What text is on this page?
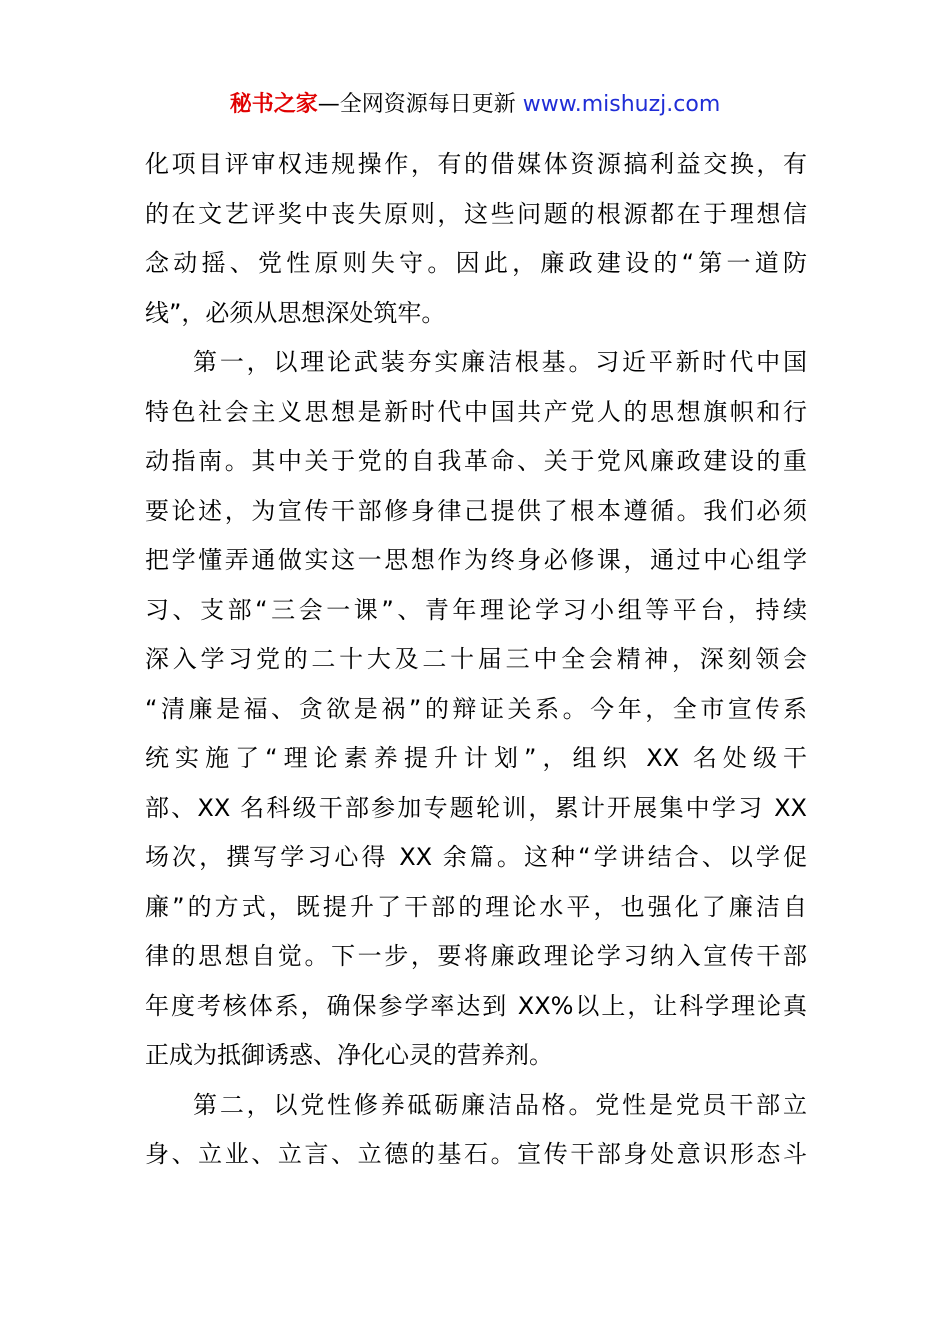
秘书之家—全网资源每日更新 www.mishuzj.com
化项目评审权违规操作，有的借媒体资源搞利益交换，有
的在文艺评奖中丧失原则，这些问题的根源都在于理想信
念动摇、党性原则失守。因此，廉政建设的“第一道防
线”，必须从思想深处筑牢。
第一，以理论武装夯实廉洁根基。习近平新时代中国
特色社会主义思想是新时代中国共产党人的思想旗帜和行
动指南。其中关于党的自我革命、关于党风廉政建设的重
要论述，为宣传干部修身律己提供了根本遵循。我们必须
把学懂弄通做实这一思想作为终身必修课，通过中心组学
习、支部“三会一课”、青年理论学习小组等平台，持续
深入学习党的二十大及二十届三中全会精神，深刻领会
“清廉是福、贪欲是祸”的辩证关系。今年，全市宣传系
统实施了“理论素养提升计划”，组织 XX 名处级干
部、XX 名科级干部参加专题轮训，累计开展集中学习 XX
场次，撰写学习心得 XX 余篇。这种“学讲结合、以学促
廉”的方式，既提升了干部的理论水平，也强化了廉洁自
律的思想自觉。下一步，要将廉政理论学习纳入宣传干部
年度考核体系，确保参学率达到 XX%以上，让科学理论真
正成为抵御诱惑、净化心灵的营养剂。
第二，以党性修养砥砺廉洁品格。党性是党员干部立
身、立业、立言、立德的基石。宣传干部身处意识形态斗
